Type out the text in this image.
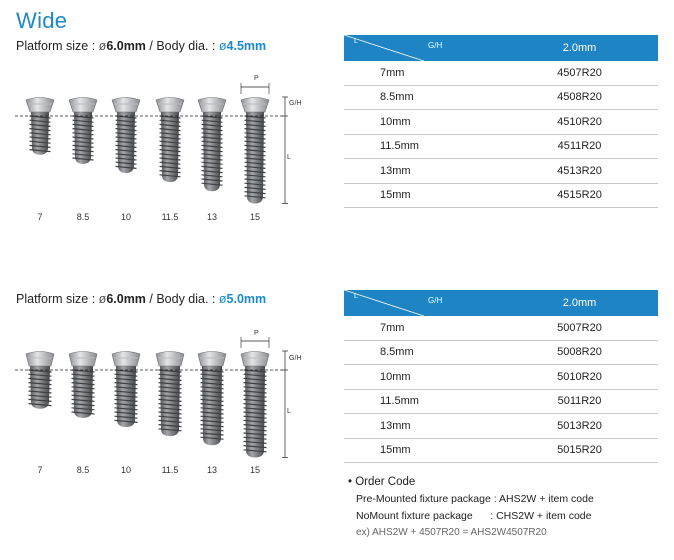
Wide
Platform size : ø6.0mm / Body dia. : ø4.5mm
P
G/H
L
7	8.5	10	11.5	13	15
L G/H	2.0mm
7mm	4507R20
8.5mm	4508R20
10mm	4510R20
11.5mm	4511R20
13mm	4513R20
15mm	4515R20
Platform size : ø6.0mm / Body dia. : ø5.0mm
P
G/H
L
7	8.5	10	11.5	13	15
L G/H	2.0mm
7mm	5007R20
8.5mm	5008R20
10mm	5010R20
11.5mm	5011R20
13mm	5013R20
15mm	5015R20
• Order Code
Pre-Mounted fixture package : AHS2W + item code
NoMount fixture package      : CHS2W + item code
ex) AHS2W + 4507R20 = AHS2W4507R20
